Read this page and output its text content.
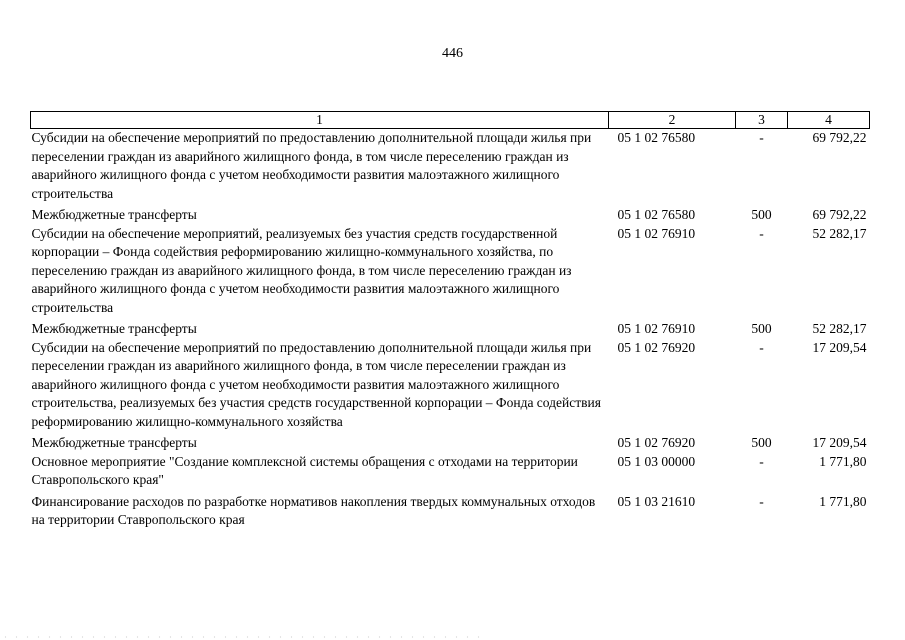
446
1	2	3	4
Субсидии на обеспечение мероприятий по предоставлению дополнительной площади жилья при переселении граждан из аварийного жилищного фонда, в том числе переселению граждан из аварийного жилищного фонда с учетом необходимости развития малоэтажного жилищного строительства	05 1 02 76580	-	69 792,22
Межбюджетные трансферты	05 1 02 76580	500	69 792,22
Субсидии на обеспечение мероприятий, реализуемых без участия средств государственной корпорации – Фонда содействия реформированию жилищно-коммунального хозяйства, по переселению граждан из аварийного жилищного фонда, в том числе переселению граждан из аварийного жилищного фонда с учетом необходимости развития малоэтажного жилищного строительства	05 1 02 76910	-	52 282,17
Межбюджетные трансферты	05 1 02 76910	500	52 282,17
Субсидии на обеспечение мероприятий по предоставлению дополнительной площади жилья при переселении граждан из аварийного жилищного фонда, в том числе переселении граждан из аварийного жилищного фонда с учетом необходимости развития малоэтажного жилищного строительства, реализуемых без участия средств государственной корпорации – Фонда содействия реформированию жилищно-коммунального хозяйства	05 1 02 76920	-	17 209,54
Межбюджетные трансферты	05 1 02 76920	500	17 209,54
Основное мероприятие "Создание комплексной системы обращения с отходами на территории Ставропольского края"	05 1 03 00000	-	1 771,80
Финансирование расходов по разработке нормативов накопления твердых коммунальных отходов на территории Ставропольского края	05 1 03 21610	-	1 771,80
